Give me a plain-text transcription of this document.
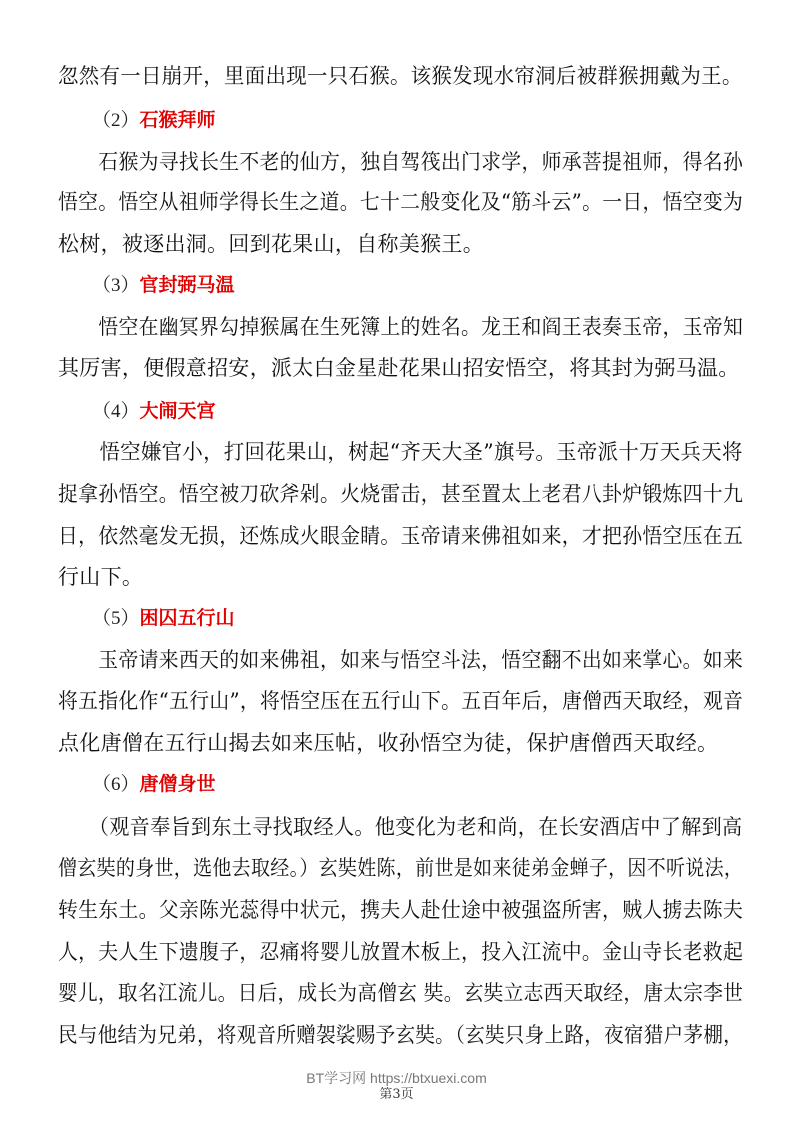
忽然有一日崩开，里面出现一只石猴。该猴发现水帘洞后被群猴拥戴为王。
（2）石猴拜师
　　石猴为寻找长生不老的仙方，独自驾筏出门求学，师承菩提祖师，得名孙
悟空。悟空从祖师学得长生之道。七十二般变化及“筋斗云”。一日，悟空变为
松树，被逐出洞。回到花果山，自称美猴王。
（3）官封弼马温
　　悟空在幽冥界勾掉猴属在生死簿上的姓名。龙王和阎王表奏玉帝，玉帝知
其厉害，便假意招安，派太白金星赴花果山招安悟空，将其封为弼马温。
（4）大闹天宫
　　悟空嫌官小，打回花果山，树起“齐天大圣”旗号。玉帝派十万天兵天将
捉拿孙悟空。悟空被刀砍斧剁。火烧雷击，甚至置太上老君八卦炉锻炼四十九
日，依然毫发无损，还炼成火眼金睛。玉帝请来佛祖如来，才把孙悟空压在五
行山下。
（5）困囚五行山
　　玉帝请来西天的如来佛祖，如来与悟空斗法，悟空翻不出如来掌心。如来
将五指化作“五行山”，将悟空压在五行山下。五百年后，唐僧西天取经，观音
点化唐僧在五行山揭去如来压帖，收孙悟空为徒，保护唐僧西天取经。
（6）唐僧身世
　　（观音奉旨到东土寻找取经人。他变化为老和尚，在长安酒店中了解到高
僧玄奘的身世，选他去取经。）玄奘姓陈，前世是如来徒弟金蝉子，因不听说法，
转生东土。父亲陈光蕊得中状元，携夫人赴仕途中被强盗所害，贼人掳去陈夫
人，夫人生下遗腹子，忍痛将婴儿放置木板上，投入江流中。金山寺长老救起
婴儿，取名江流儿。日后，成长为高僧玄 奘。玄奘立志西天取经，唐太宗李世
民与他结为兄弟，将观音所赠袈裟赐予玄奘。（玄奘只身上路，夜宿猎户茅棚，
BT学习网 https://btxuexi.com
第3页
